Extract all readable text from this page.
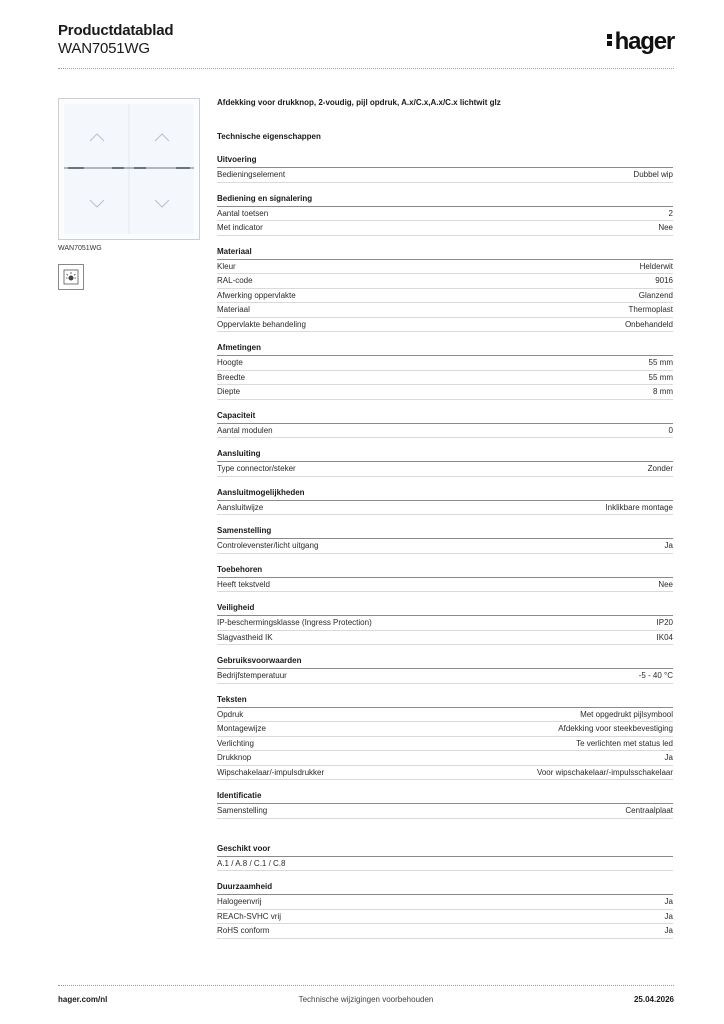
Productdatablad
WAN7051WG	hager
WAN7051WG
Afdekking voor drukknop, 2-voudig, pijl opdruk, A.x/C.x,A.x/C.x lichtwit glz
Technische eigenschappen
Uitvoering
Bedieningselement	Dubbel wip
Bediening en signalering
Aantal toetsen	2
Met indicator	Nee
Materiaal
Kleur	Helderwit
RAL-code	9016
Afwerking oppervlakte	Glanzend
Materiaal	Thermoplast
Oppervlakte behandeling	Onbehandeld
Afmetingen
Hoogte	55 mm
Breedte	55 mm
Diepte	8 mm
Capaciteit
Aantal modulen	0
Aansluiting
Type connector/steker	Zonder
Aansluitmogelijkheden
Aansluitwijze	Inklikbare montage
Samenstelling
Controlevenster/licht uitgang	Ja
Toebehoren
Heeft tekstveld	Nee
Veiligheid
IP-beschermingsklasse (Ingress Protection)	IP20
Slagvastheid IK	IK04
Gebruiksvoorwaarden
Bedrijfstemperatuur	-5 - 40 °C
Teksten
Opdruk	Met opgedrukt pijlsymbool
Montagewijze	Afdekking voor steekbevestiging
Verlichting	Te verlichten met status led
Drukknop	Ja
Wipschakelaar/-impulsdrukker	Voor wipschakelaar/-impulsschakelaar
Identificatie
Samenstelling	Centraalplaat
Geschikt voor
A.1 / A.8 / C.1 / C.8
Duurzaamheid
Halogeenvrij	Ja
REACh-SVHC vrij	Ja
RoHS conform	Ja
hager.com/nl	Technische wijzigingen voorbehouden	25.04.2026
